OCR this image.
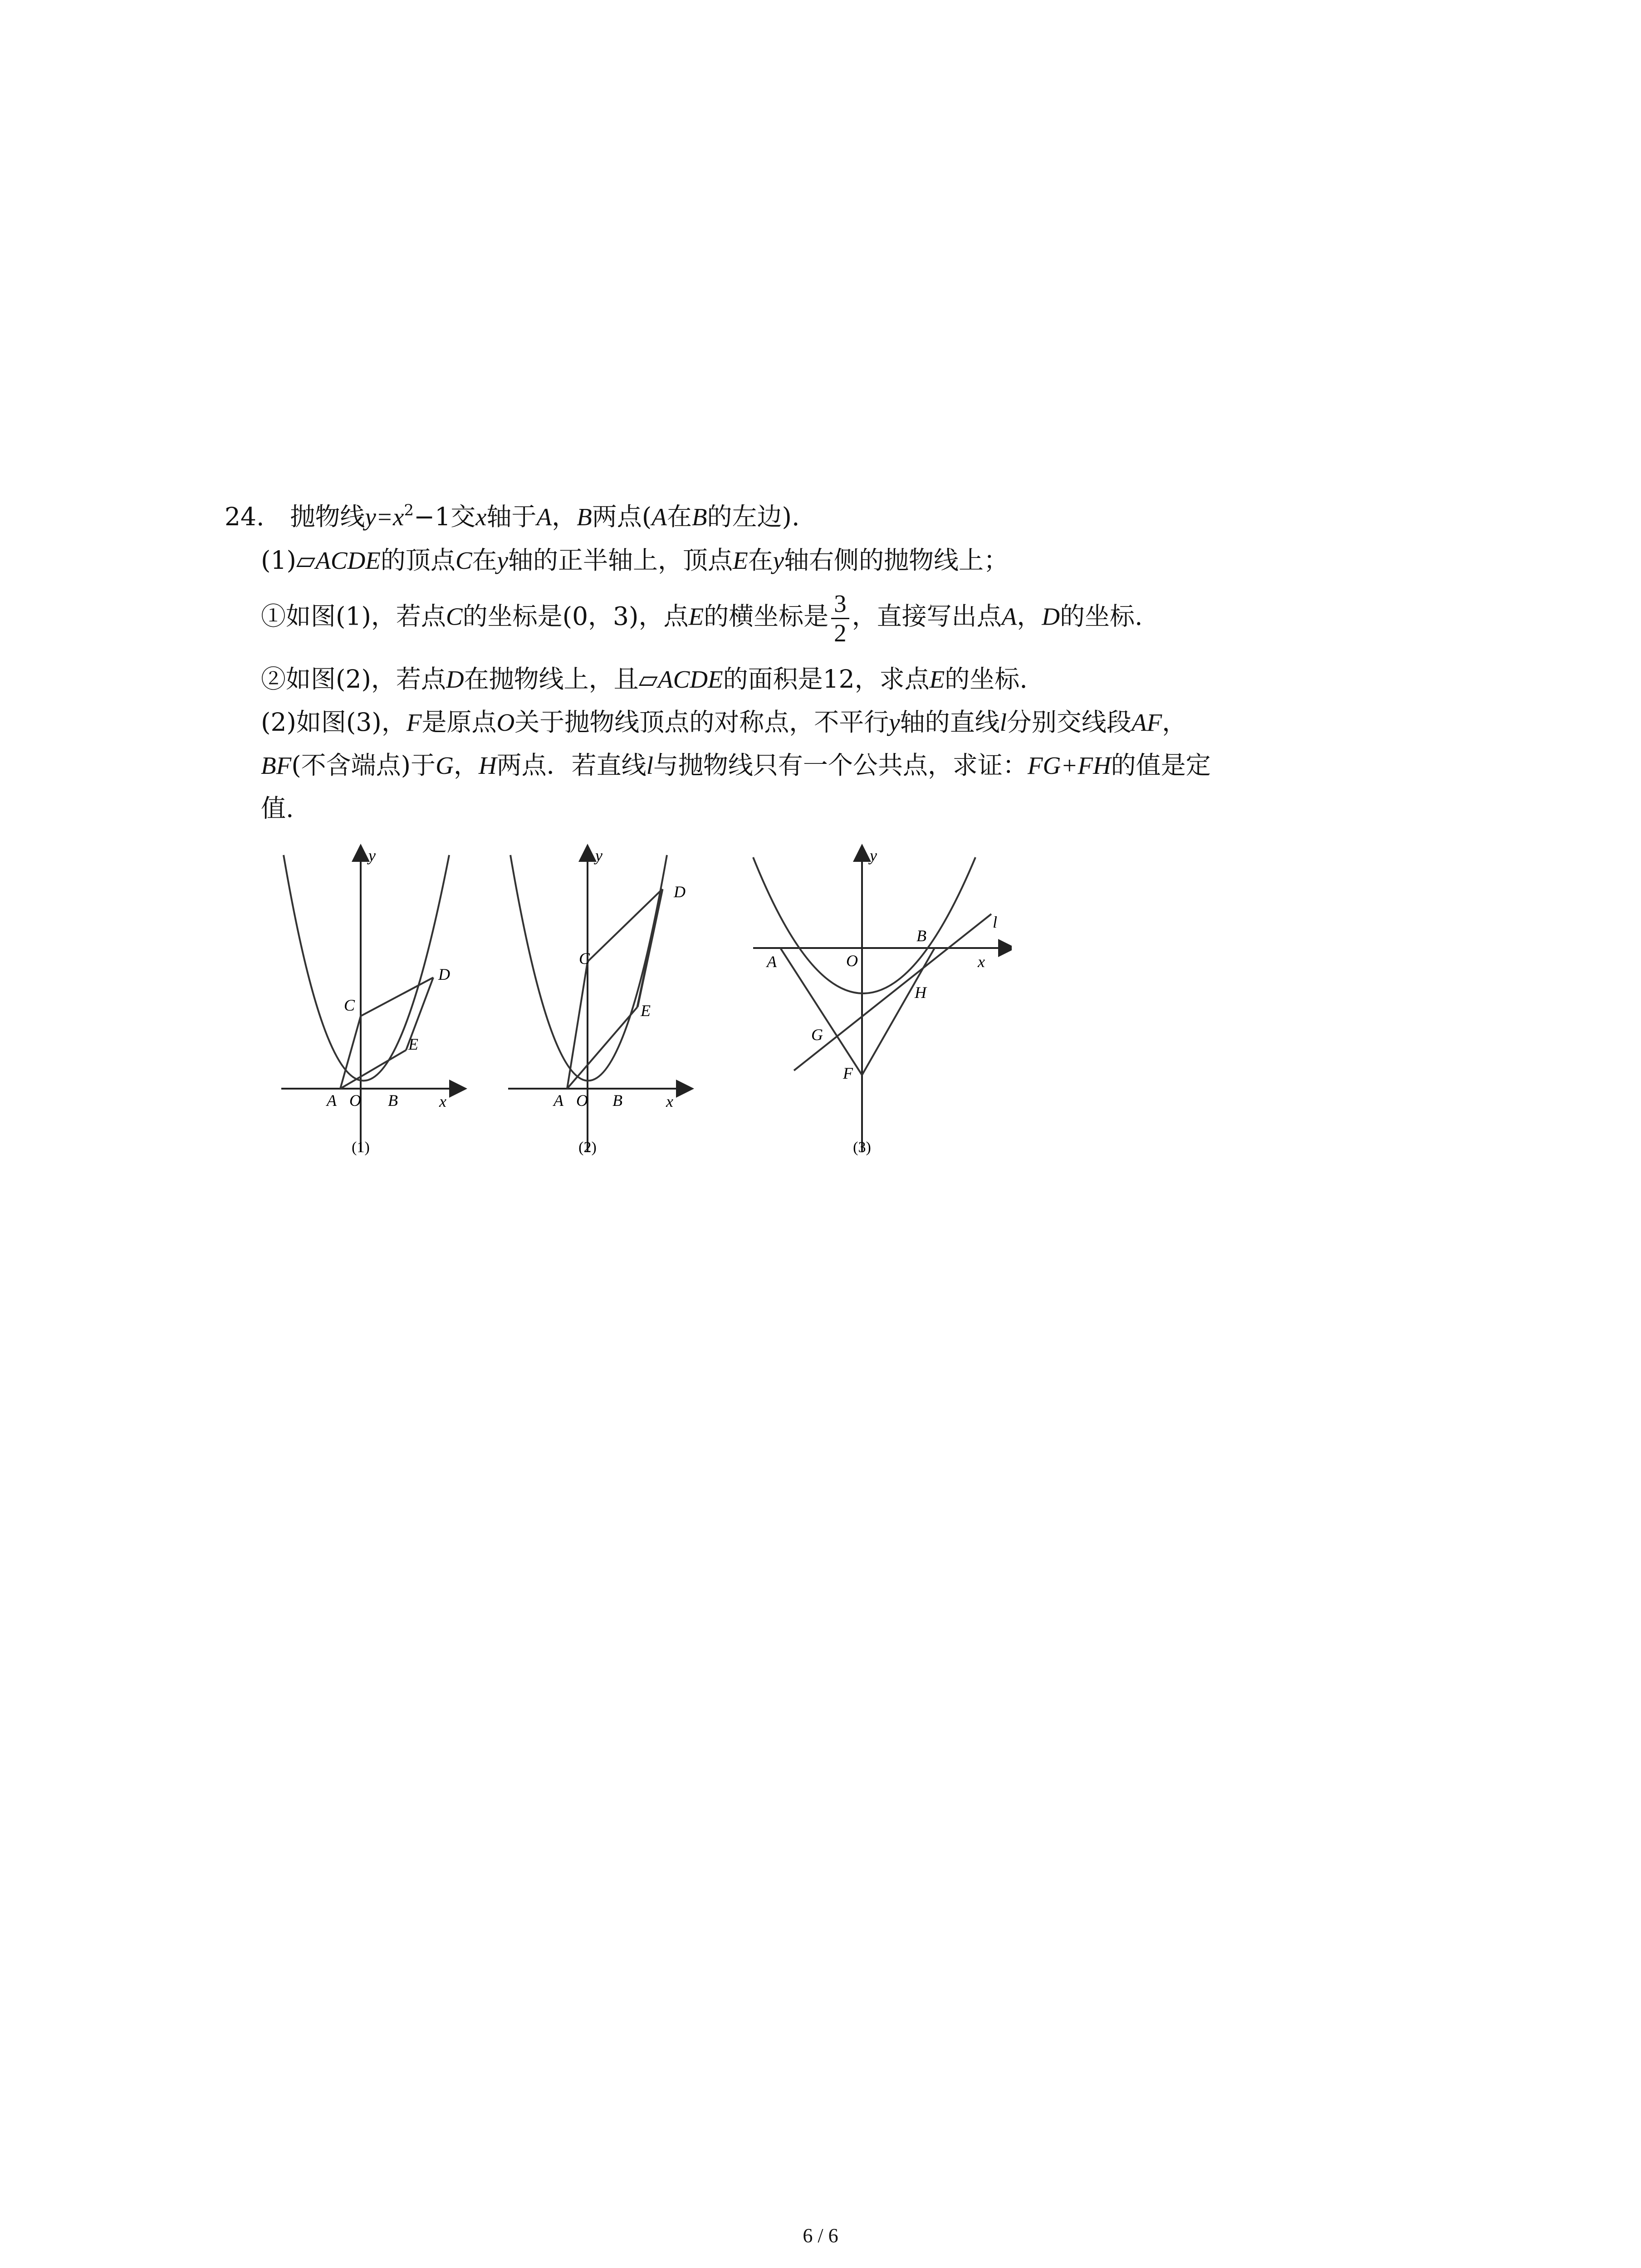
24. 抛物线$y=x^2-1$交x轴于A，B两点(A在B的左边).
(1)▱ACDE的顶点C在y轴的正半轴上，顶点E在y轴右侧的抛物线上；
①如图(1)，若点C的坐标是(0，3)，点E的横坐标是 $\frac{3}{2}$ ，直接写出点A，D的坐标.
②如图(2)，若点D在抛物线上，且▱ACDE的面积是12，求点E的坐标.
(2)如图(3)，F是原点O关于抛物线顶点的对称点，不平行y轴的直线l分别交线段AF，
BF(不含端点)于G，H两点．若直线l与抛物线只有一个公共点，求证：FG+FH的值是定
值.
y
x
A O B
C
D
E
(1)
y
x
A O B
C
D
E
(2)
y
x
A	O
B
l
H
G
F
(3)
6 / 6
